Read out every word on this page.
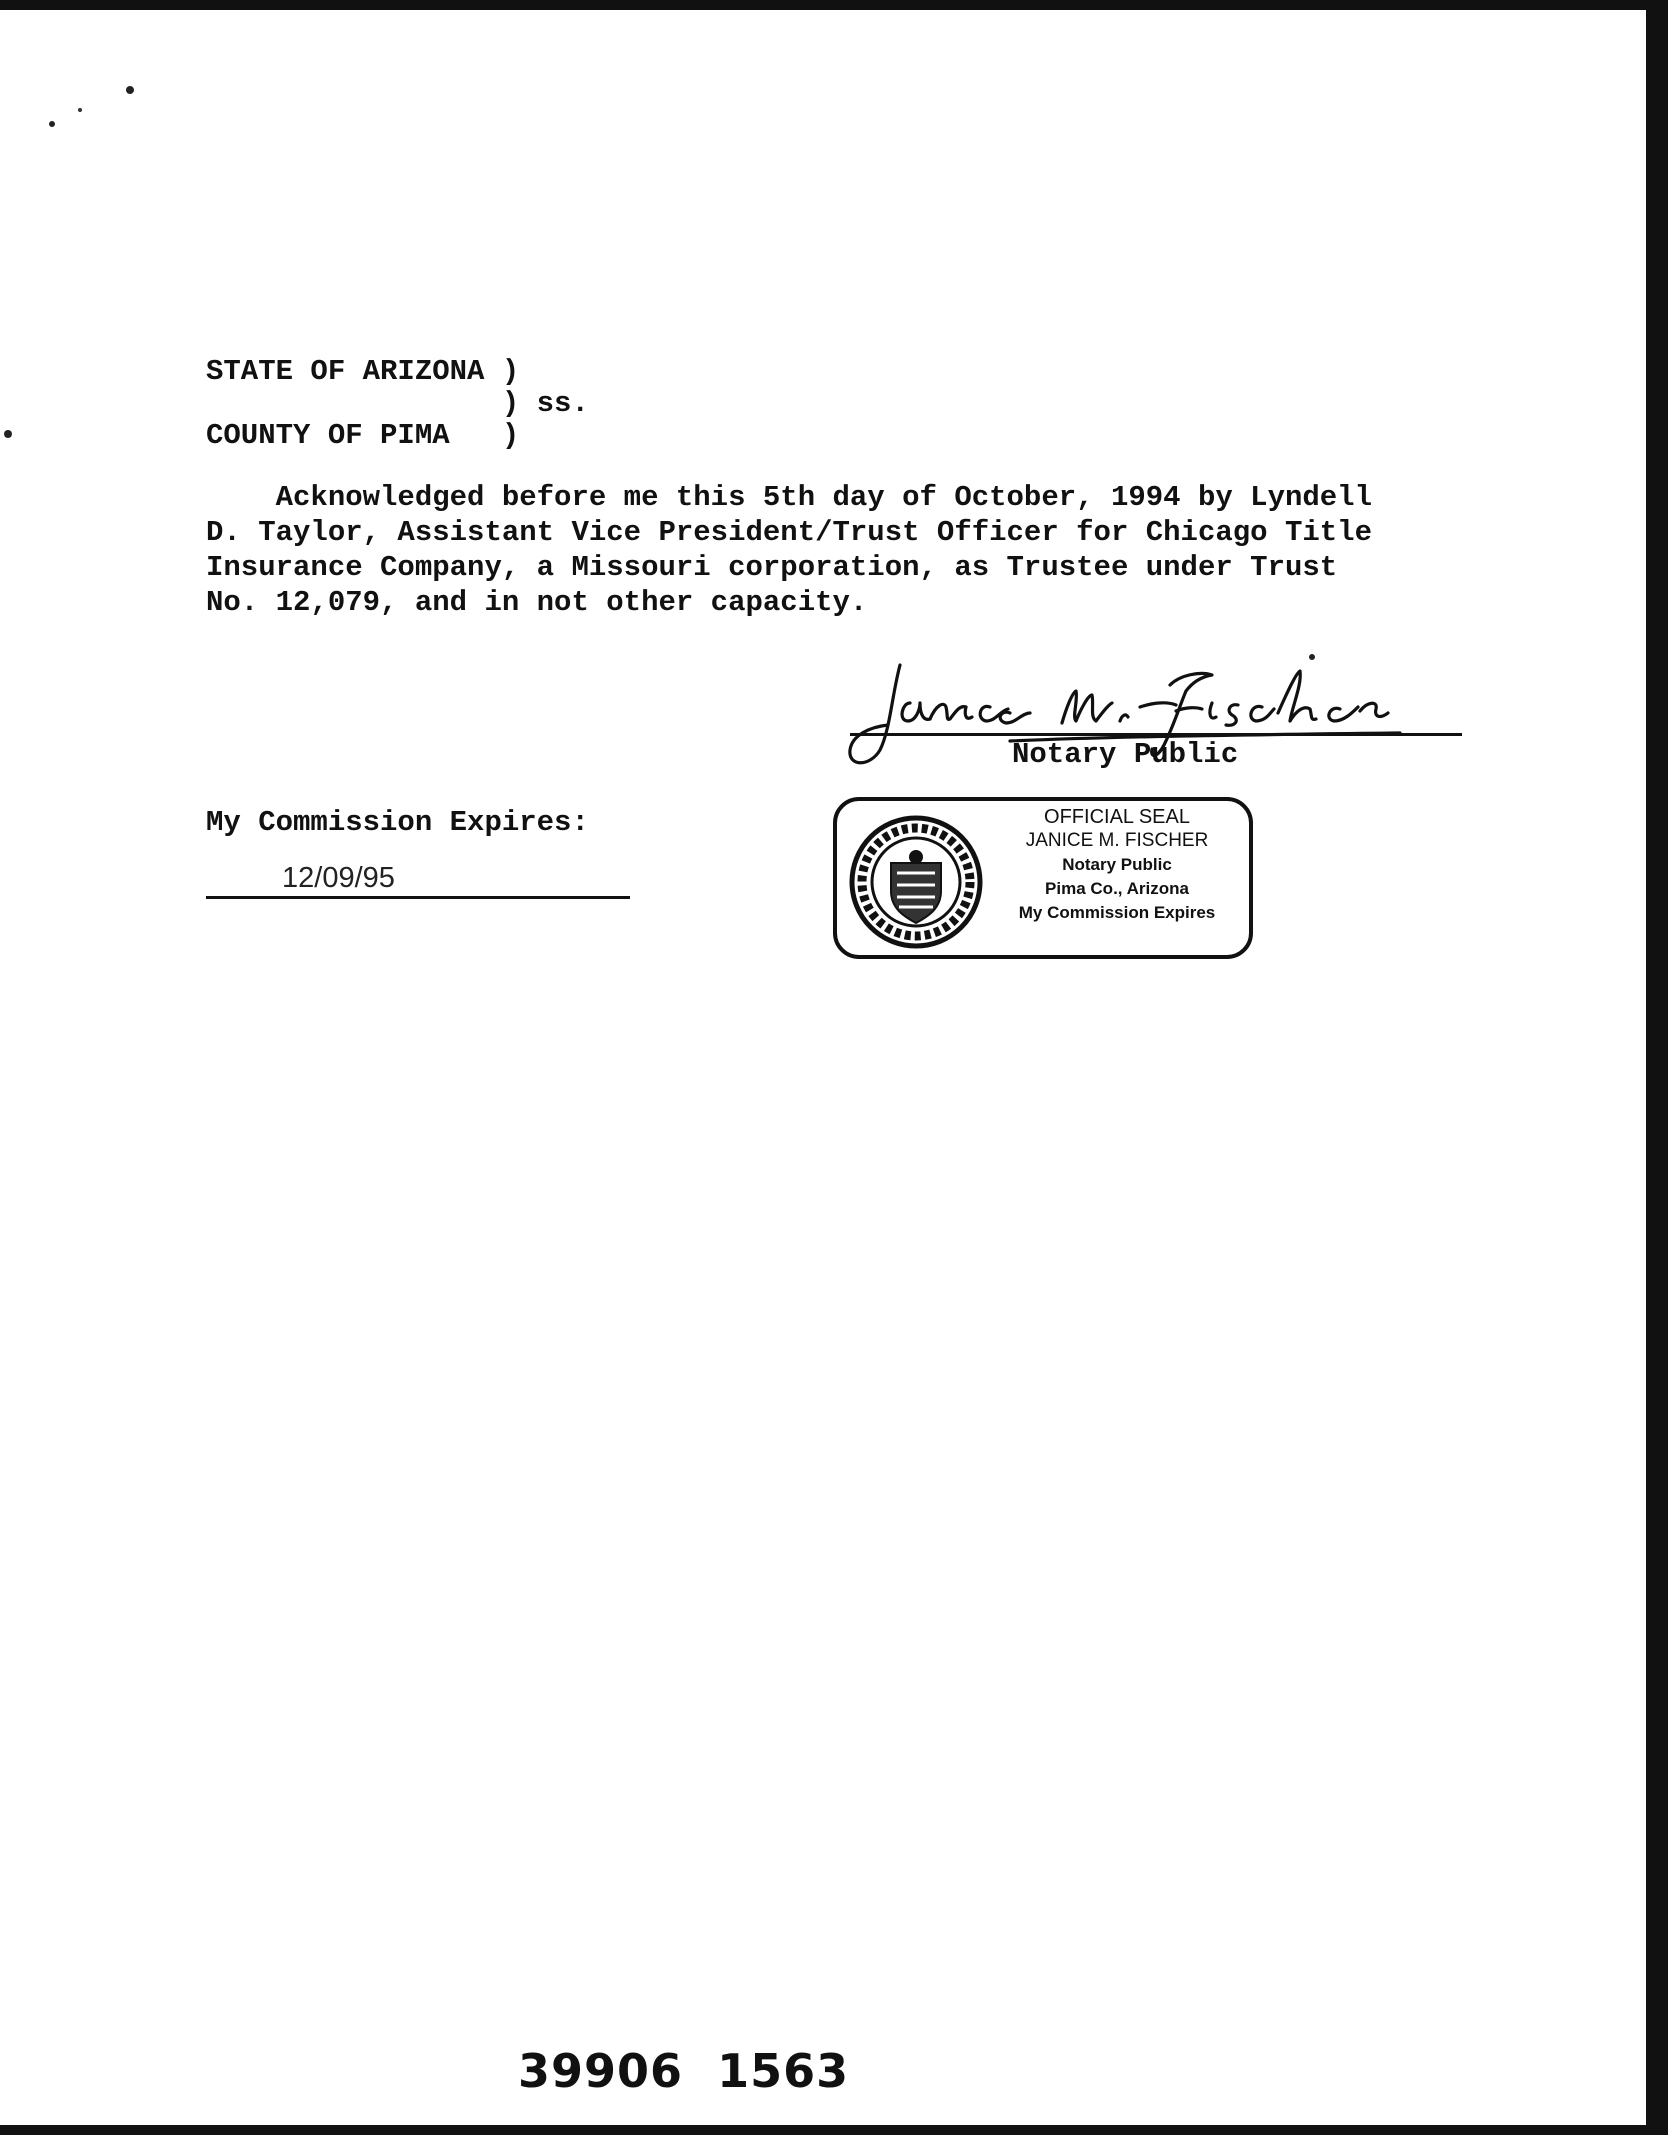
STATE OF ARIZONA )
) ss.
COUNTY OF PIMA   )
Acknowledged before me this 5th day of October, 1994 by Lyndell
D. Taylor, Assistant Vice President/Trust Officer for Chicago Title
Insurance Company, a Missouri corporation, as Trustee under Trust
No. 12,079, and in not other capacity.
Notary Public
My Commission Expires:
12/09/95
OFFICIAL SEAL
JANICE M. FISCHER
Notary Public
Pima Co., Arizona
My Commission Expires
39906  1563
